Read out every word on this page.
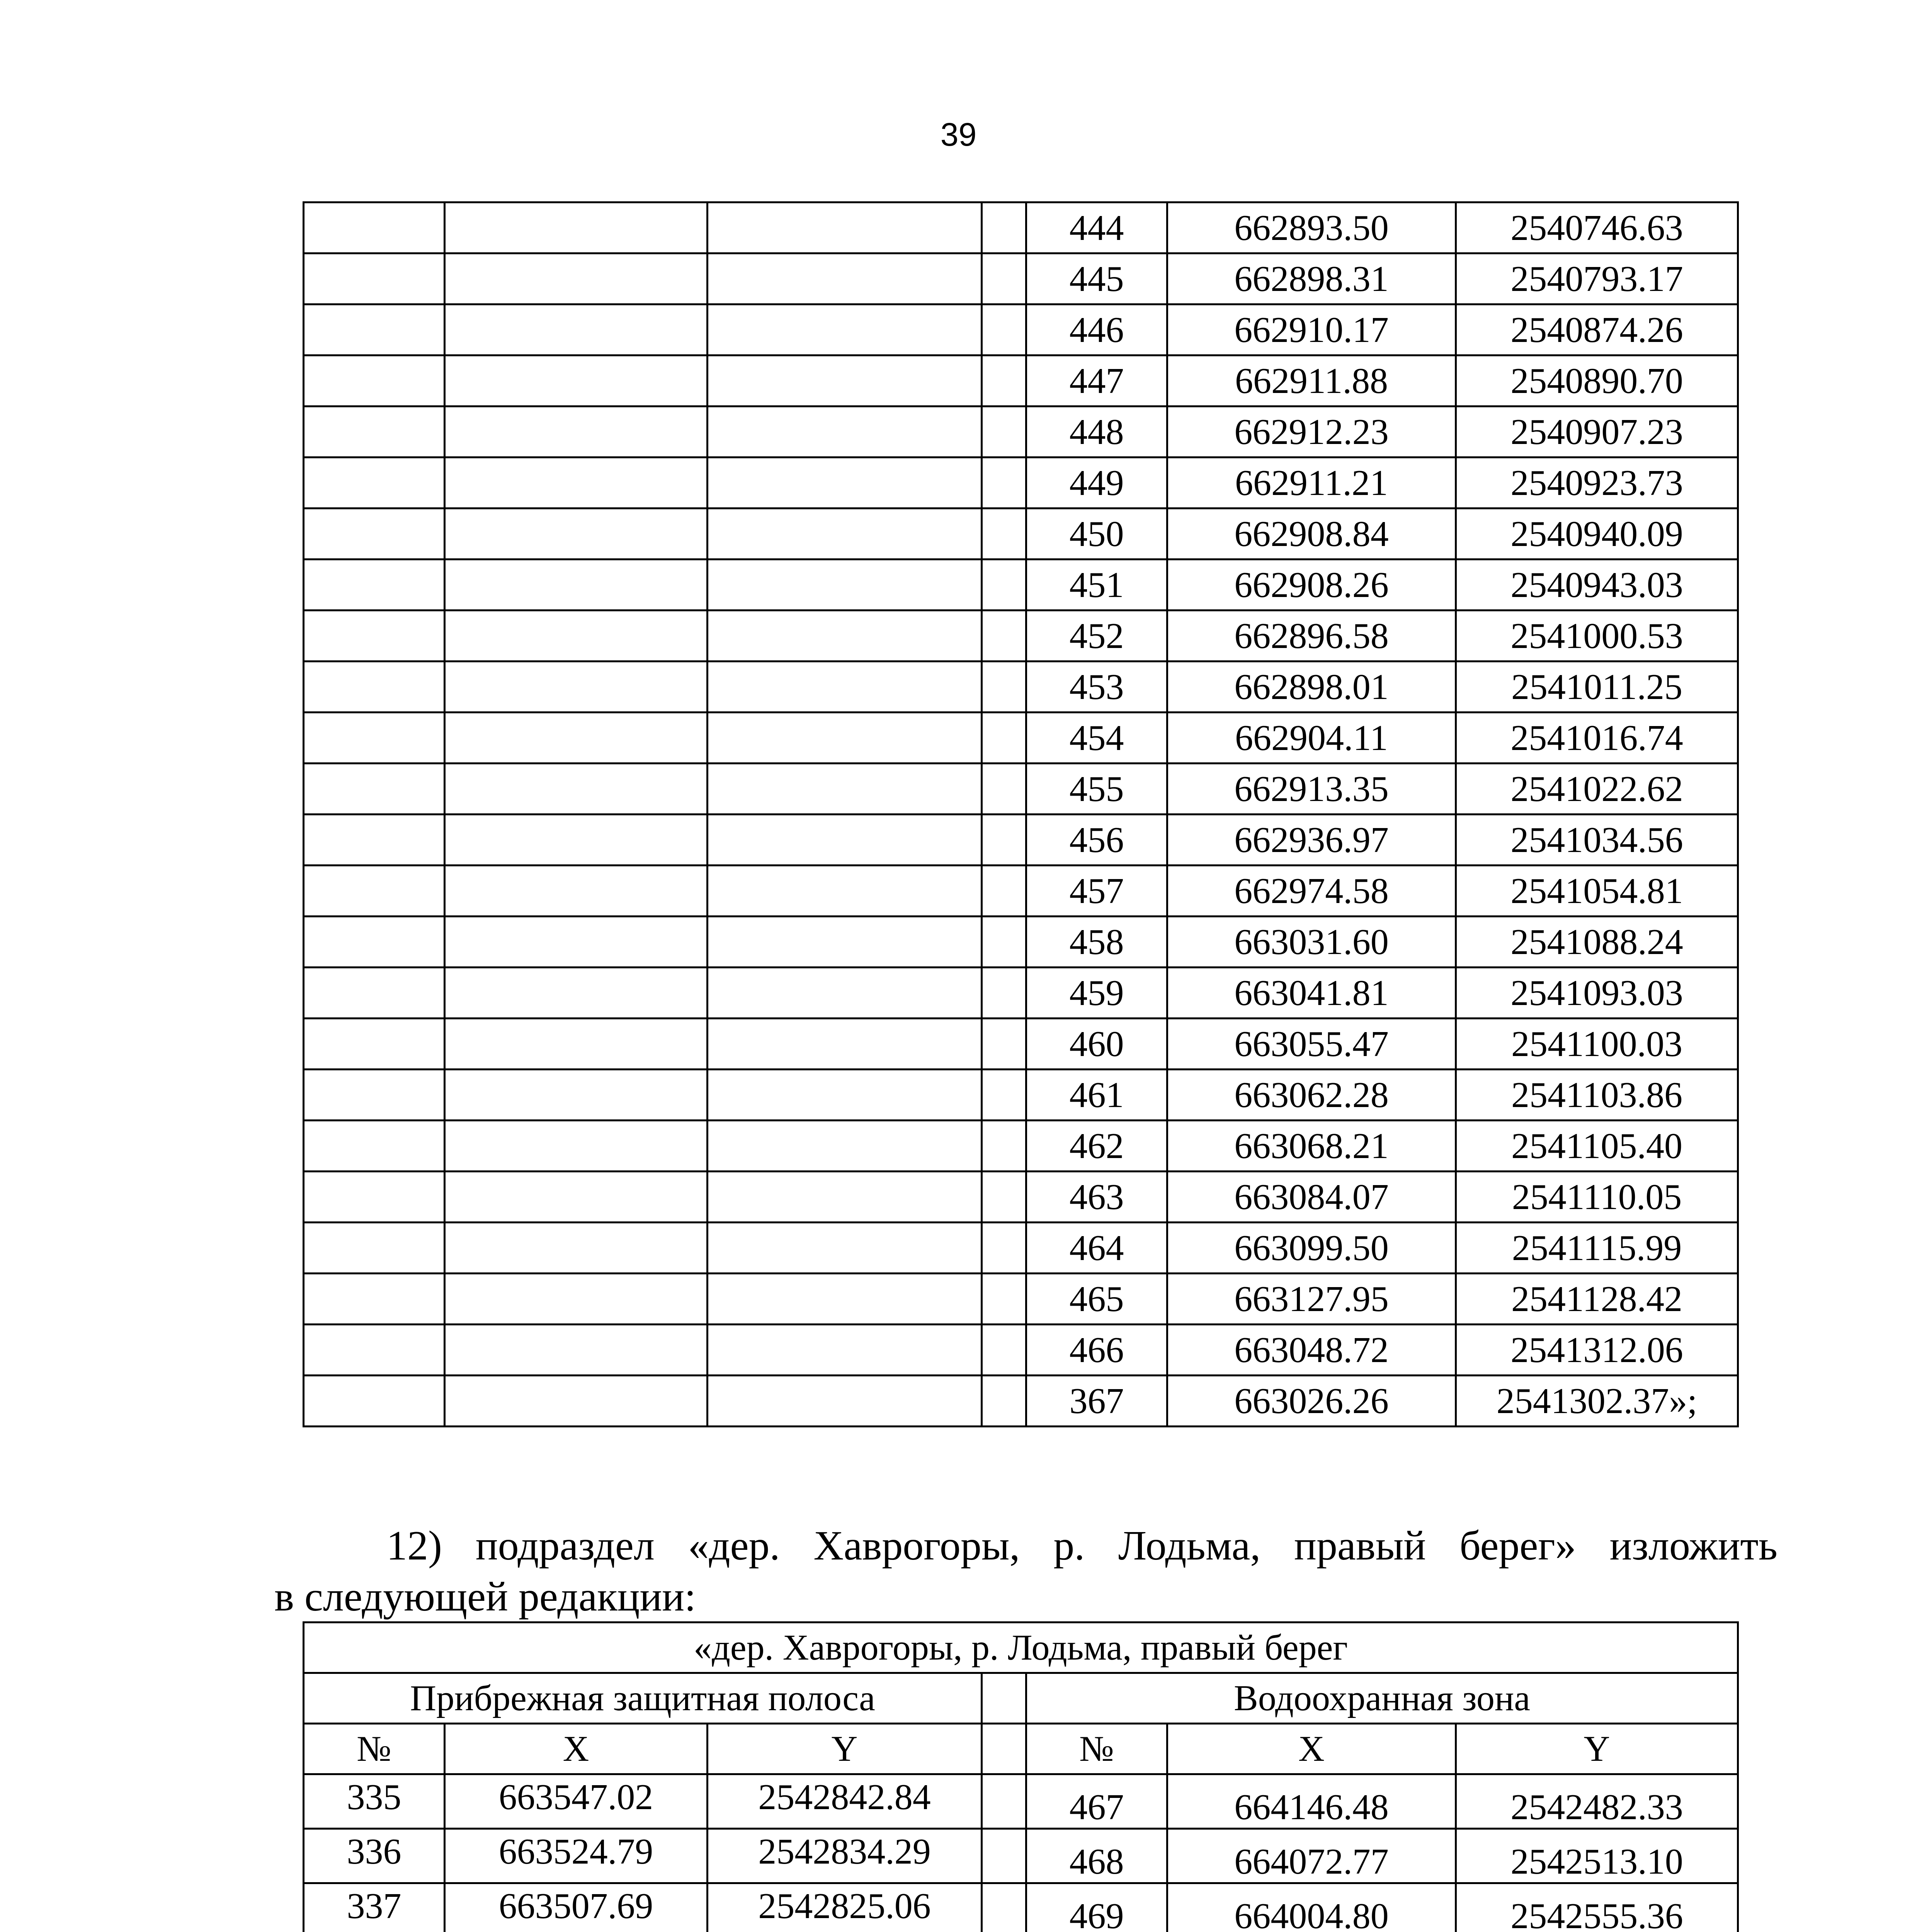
39
				444	662893.50	2540746.63
				445	662898.31	2540793.17
				446	662910.17	2540874.26
				447	662911.88	2540890.70
				448	662912.23	2540907.23
				449	662911.21	2540923.73
				450	662908.84	2540940.09
				451	662908.26	2540943.03
				452	662896.58	2541000.53
				453	662898.01	2541011.25
				454	662904.11	2541016.74
				455	662913.35	2541022.62
				456	662936.97	2541034.56
				457	662974.58	2541054.81
				458	663031.60	2541088.24
				459	663041.81	2541093.03
				460	663055.47	2541100.03
				461	663062.28	2541103.86
				462	663068.21	2541105.40
				463	663084.07	2541110.05
				464	663099.50	2541115.99
				465	663127.95	2541128.42
				466	663048.72	2541312.06
				367	663026.26	2541302.37»;

12) подраздел «дер. Хаврогоры, р. Лодьма, правый берег» изложить
в следующей редакции:

«дер. Хаврогоры, р. Лодьма, правый берег						
Прибрежная защитная полоса				Водоохранная зона		
№	X	Y		№	X	Y
335	663547.02	2542842.84		467	664146.48	2542482.33
336	663524.79	2542834.29		468	664072.77	2542513.10
337	663507.69	2542825.06		469	664004.80	2542555.36
